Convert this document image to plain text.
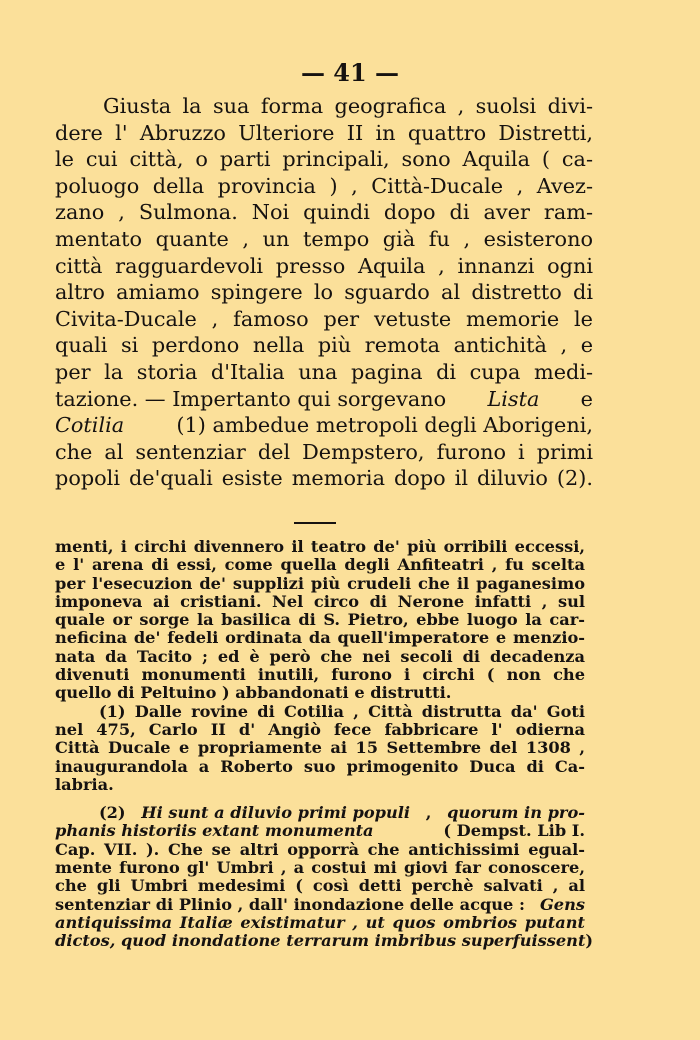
— 41 —
Giusta la sua forma geografica , suolsi divi-
dere l' Abruzzo Ulteriore II in quattro Distretti,
le cui città, o parti principali, sono Aquila ( ca-
poluogo della provincia ) , Città-Ducale , Avez-
zano , Sulmona. Noi quindi dopo di aver ram-
mentato quante , un tempo già fu , esisterono
città ragguardevoli presso Aquila , innanzi ogni
altro amiamo spingere lo sguardo al distretto di
Civita-Ducale , famoso per vetuste memorie le
quali si perdono nella più remota antichità , e
per la storia d'Italia una pagina di cupa medi-
tazione. — Impertanto qui sorgevano Lista e
Cotilia	(1) ambedue metropoli degli Aborigeni,
che al sentenziar del Dempstero, furono i primi
popoli de'quali esiste memoria dopo il diluvio (2).
menti, i circhi divennero il teatro de' più orribili eccessi,
e l' arena di essi, come quella degli Anfiteatri , fu scelta
per l'esecuzion de' supplizi più crudeli che il paganesimo
imponeva ai cristiani. Nel circo di Nerone infatti , sul
quale or sorge la basilica di S. Pietro, ebbe luogo la car-
neficina de' fedeli ordinata da quell'imperatore e menzio-
nata da Tacito ; ed è però che nei secoli di decadenza
divenuti monumenti inutili, furono i circhi ( non che
quello di Peltuino ) abbandonati e distrutti.
(1) Dalle rovine di Cotilia , Città distrutta da' Goti
nel 475, Carlo II d' Angiò fece fabbricare l' odierna
Città Ducale e propriamente ai 15 Settembre del 1308 ,
inaugurandola a Roberto suo primogenito Duca di Ca-
labria.
(2) Hi sunt a diluvio primi populi , quorum in pro-
phanis historiis extant monumenta	( Dempst. Lib I.
Cap. VII. ). Che se altri opporrà che antichissimi egual-
mente furono gl' Umbri , a costui mi giovi far conoscere,
che gli Umbri medesimi ( così detti perchè salvati , al
sentenziar di Plinio , dall' inondazione delle acque : Gens
antiquissima Italiæ existimatur , ut quos ombrios putant
dictos, quod inondatione terrarum imbribus superfuissent )
